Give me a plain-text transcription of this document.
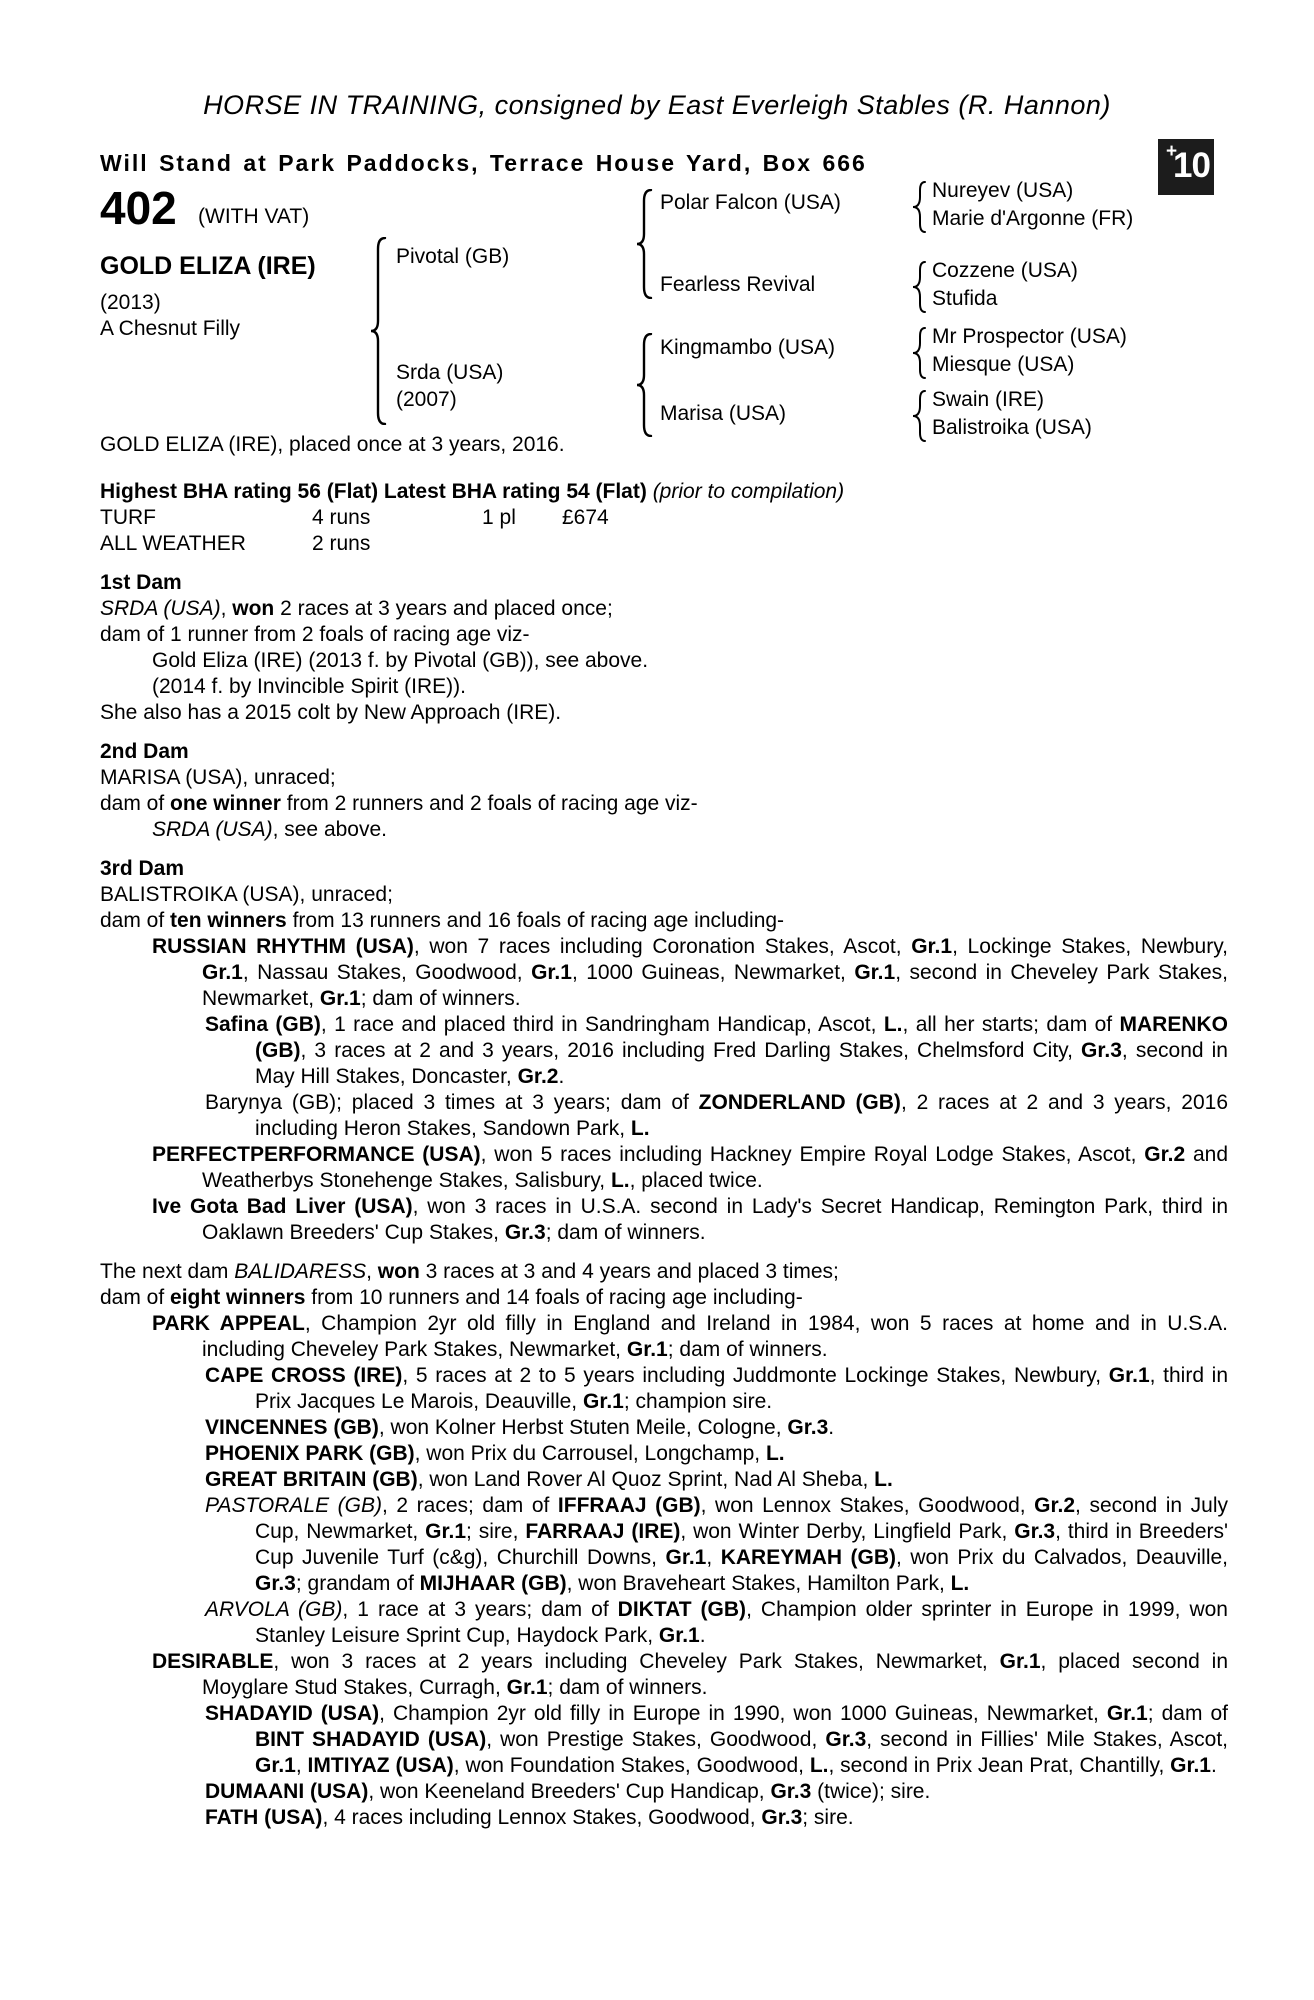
HORSE IN TRAINING, consigned by East Everleigh Stables (R. Hannon)
Will Stand at Park Paddocks, Terrace House Yard, Box 666	+
10
402 (WITH VAT)
GOLD ELIZA (IRE)
(2013)
A Chesnut Filly
Pivotal (GB)
Srda (USA)
(2007)
Polar Falcon (USA)
Fearless Revival
Kingmambo (USA)
Marisa (USA)
Nureyev (USA)
Marie d'Argonne (FR)
Cozzene (USA)
Stufida
Mr Prospector (USA)
Miesque (USA)
Swain (IRE)
Balistroika (USA)
GOLD ELIZA (IRE), placed once at 3 years, 2016.
Highest BHA rating 56 (Flat) Latest BHA rating 54 (Flat) (prior to compilation)
TURF	4 runs	1 pl	£674
ALL WEATHER	2 runs
1st Dam
SRDA (USA), won 2 races at 3 years and placed once;
dam of 1 runner from 2 foals of racing age viz-
Gold Eliza (IRE) (2013 f. by Pivotal (GB)), see above.
(2014 f. by Invincible Spirit (IRE)).
She also has a 2015 colt by New Approach (IRE).
2nd Dam
MARISA (USA), unraced;
dam of one winner from 2 runners and 2 foals of racing age viz-
SRDA (USA), see above.
3rd Dam
BALISTROIKA (USA), unraced;
dam of ten winners from 13 runners and 16 foals of racing age including-
RUSSIAN RHYTHM (USA), won 7 races including Coronation Stakes, Ascot, Gr.1, Lockinge Stakes, Newbury, Gr.1, Nassau Stakes, Goodwood, Gr.1, 1000 Guineas, Newmarket, Gr.1, second in Cheveley Park Stakes, Newmarket, Gr.1; dam of winners.
Safina (GB), 1 race and placed third in Sandringham Handicap, Ascot, L., all her starts; dam of MARENKO (GB), 3 races at 2 and 3 years, 2016 including Fred Darling Stakes, Chelmsford City, Gr.3, second in May Hill Stakes, Doncaster, Gr.2.
Barynya (GB); placed 3 times at 3 years; dam of ZONDERLAND (GB), 2 races at 2 and 3 years, 2016 including Heron Stakes, Sandown Park, L.
PERFECTPERFORMANCE (USA), won 5 races including Hackney Empire Royal Lodge Stakes, Ascot, Gr.2 and Weatherbys Stonehenge Stakes, Salisbury, L., placed twice.
Ive Gota Bad Liver (USA), won 3 races in U.S.A. second in Lady's Secret Handicap, Remington Park, third in Oaklawn Breeders' Cup Stakes, Gr.3; dam of winners.
The next dam BALIDARESS, won 3 races at 3 and 4 years and placed 3 times;
dam of eight winners from 10 runners and 14 foals of racing age including-
PARK APPEAL, Champion 2yr old filly in England and Ireland in 1984, won 5 races at home and in U.S.A. including Cheveley Park Stakes, Newmarket, Gr.1; dam of winners.
CAPE CROSS (IRE), 5 races at 2 to 5 years including Juddmonte Lockinge Stakes, Newbury, Gr.1, third in Prix Jacques Le Marois, Deauville, Gr.1; champion sire.
VINCENNES (GB), won Kolner Herbst Stuten Meile, Cologne, Gr.3.
PHOENIX PARK (GB), won Prix du Carrousel, Longchamp, L.
GREAT BRITAIN (GB), won Land Rover Al Quoz Sprint, Nad Al Sheba, L.
PASTORALE (GB), 2 races; dam of IFFRAAJ (GB), won Lennox Stakes, Goodwood, Gr.2, second in July Cup, Newmarket, Gr.1; sire, FARRAAJ (IRE), won Winter Derby, Lingfield Park, Gr.3, third in Breeders' Cup Juvenile Turf (c&g), Churchill Downs, Gr.1, KAREYMAH (GB), won Prix du Calvados, Deauville, Gr.3; grandam of MIJHAAR (GB), won Braveheart Stakes, Hamilton Park, L.
ARVOLA (GB), 1 race at 3 years; dam of DIKTAT (GB), Champion older sprinter in Europe in 1999, won Stanley Leisure Sprint Cup, Haydock Park, Gr.1.
DESIRABLE, won 3 races at 2 years including Cheveley Park Stakes, Newmarket, Gr.1, placed second in Moyglare Stud Stakes, Curragh, Gr.1; dam of winners.
SHADAYID (USA), Champion 2yr old filly in Europe in 1990, won 1000 Guineas, Newmarket, Gr.1; dam of BINT SHADAYID (USA), won Prestige Stakes, Goodwood, Gr.3, second in Fillies' Mile Stakes, Ascot, Gr.1, IMTIYAZ (USA), won Foundation Stakes, Goodwood, L., second in Prix Jean Prat, Chantilly, Gr.1.
DUMAANI (USA), won Keeneland Breeders' Cup Handicap, Gr.3 (twice); sire.
FATH (USA), 4 races including Lennox Stakes, Goodwood, Gr.3; sire.
